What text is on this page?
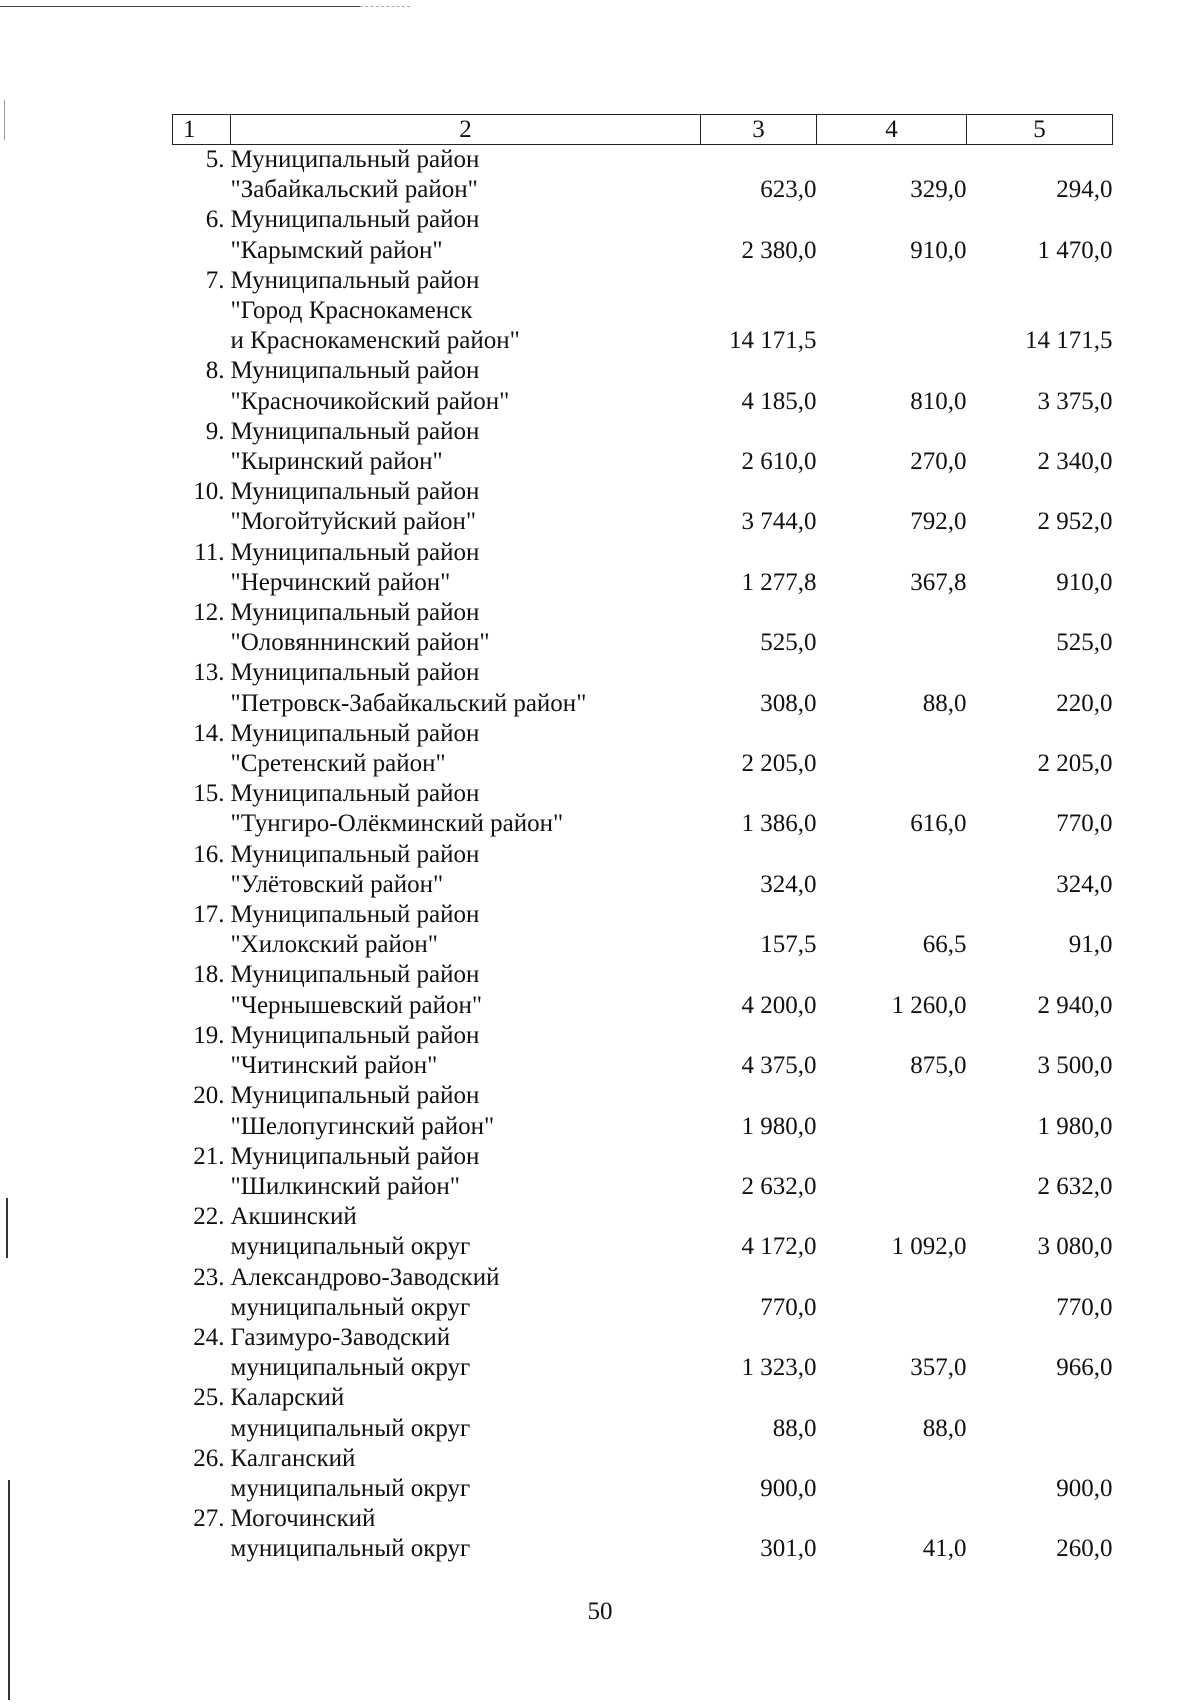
1	2	3	4	5
5.	Муниципальный район
"Забайкальский район"	623,0	329,0	294,0
6.	Муниципальный район
"Карымский район"	2 380,0	910,0	1 470,0
7.	Муниципальный район
"Город Краснокаменск
и Краснокаменский район"	14 171,5		14 171,5
8.	Муниципальный район
"Красночикойский район"	4 185,0	810,0	3 375,0
9.	Муниципальный район
"Кыринский район"	2 610,0	270,0	2 340,0
10.	Муниципальный район
"Могойтуйский район"	3 744,0	792,0	2 952,0
11.	Муниципальный район
"Нерчинский район"	1 277,8	367,8	910,0
12.	Муниципальный район
"Оловяннинский район"	525,0		525,0
13.	Муниципальный район
"Петровск-Забайкальский район"	308,0	88,0	220,0
14.	Муниципальный район
"Сретенский район"	2 205,0		2 205,0
15.	Муниципальный район
"Тунгиро-Олёкминский район"	1 386,0	616,0	770,0
16.	Муниципальный район
"Улётовский район"	324,0		324,0
17.	Муниципальный район
"Хилокский район"	157,5	66,5	91,0
18.	Муниципальный район
"Чернышевский район"	4 200,0	1 260,0	2 940,0
19.	Муниципальный район
"Читинский район"	4 375,0	875,0	3 500,0
20.	Муниципальный район
"Шелопугинский район"	1 980,0		1 980,0
21.	Муниципальный район
"Шилкинский район"	2 632,0		2 632,0
22.	Акшинский
муниципальный округ	4 172,0	1 092,0	3 080,0
23.	Александрово-Заводский
муниципальный округ	770,0		770,0
24.	Газимуро-Заводский
муниципальный округ	1 323,0	357,0	966,0
25.	Каларский
муниципальный округ	88,0	88,0	
26.	Калганский
муниципальный округ	900,0		900,0
27.	Могочинский
муниципальный округ	301,0	41,0	260,0
50
